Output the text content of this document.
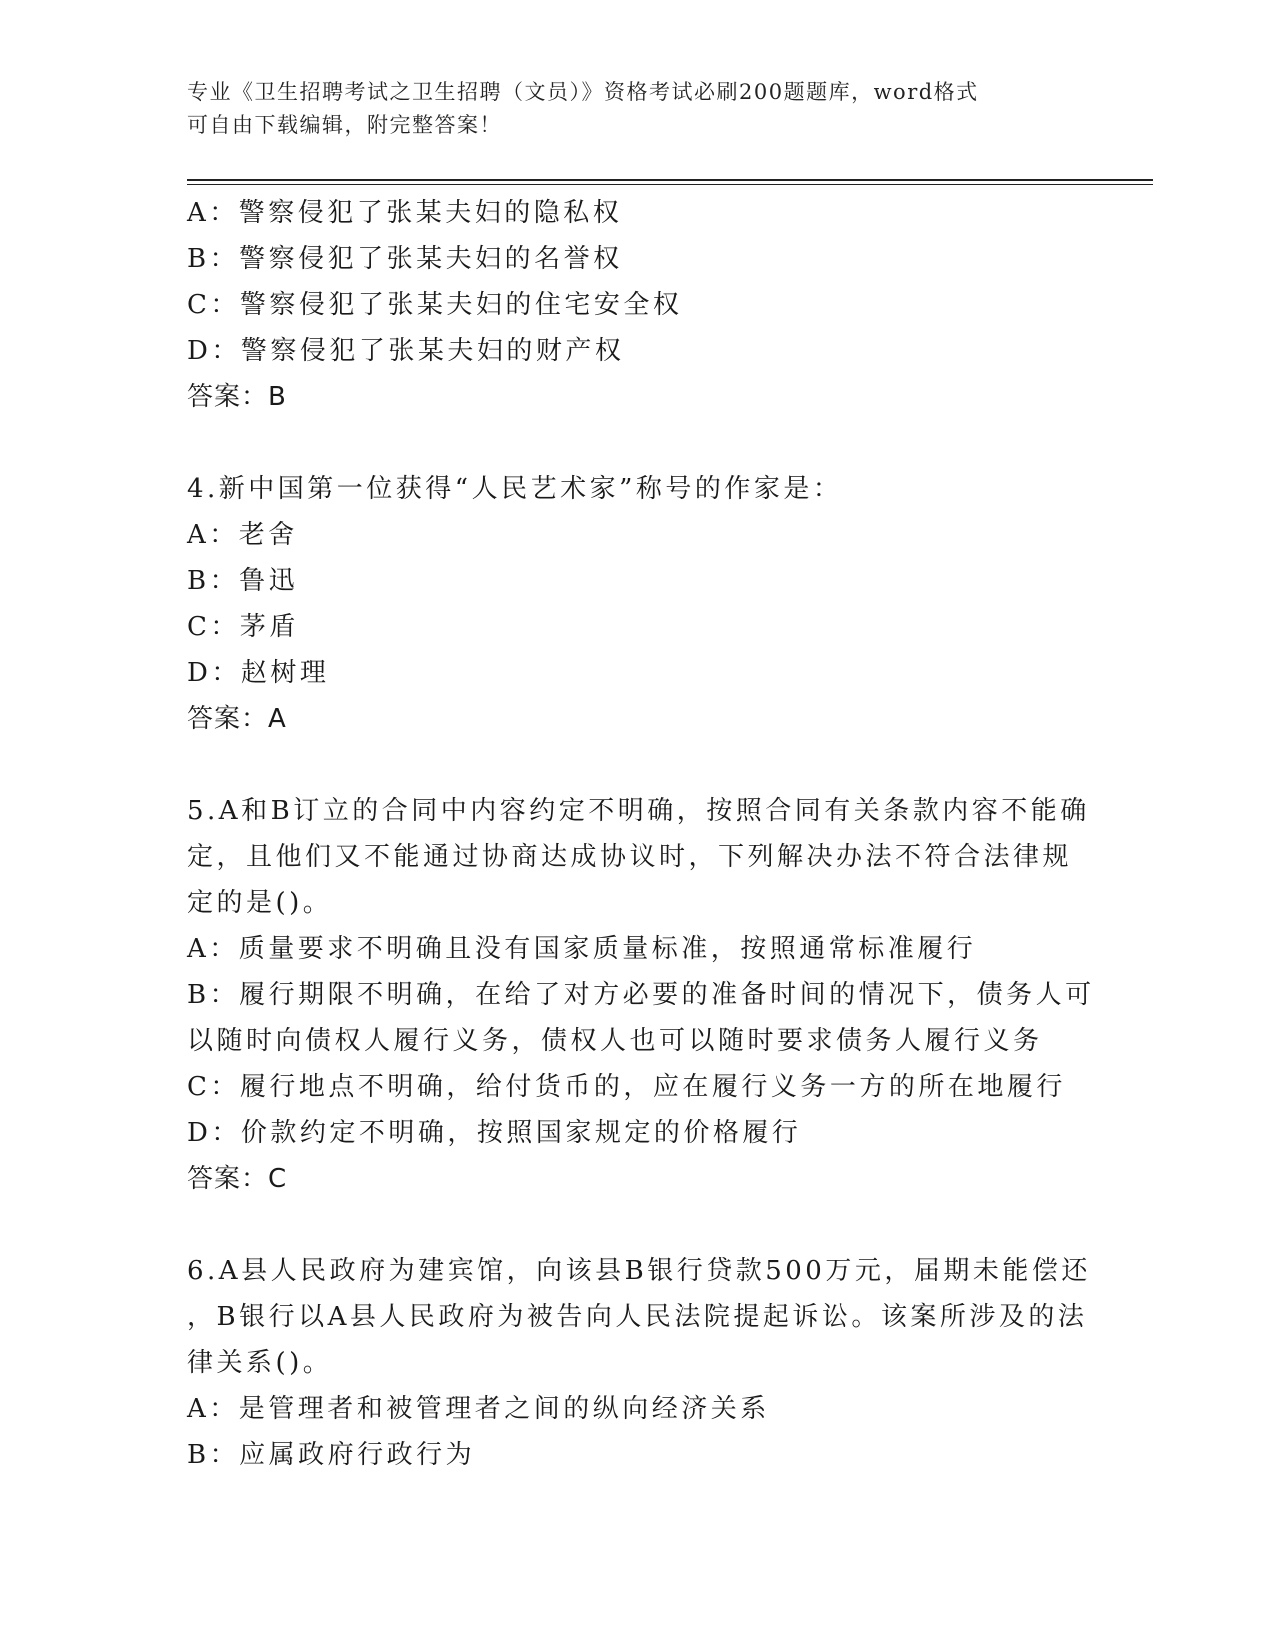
专业《卫生招聘考试之卫生招聘（文员）》资格考试必刷200题题库，word格式
可自由下载编辑，附完整答案！
A：警察侵犯了张某夫妇的隐私权
B：警察侵犯了张某夫妇的名誉权
C：警察侵犯了张某夫妇的住宅安全权
D：警察侵犯了张某夫妇的财产权
答案：B
4.新中国第一位获得“人民艺术家”称号的作家是：
A：老舍
B：鲁迅
C：茅盾
D：赵树理
答案：A
5.A和B订立的合同中内容约定不明确，按照合同有关条款内容不能确
定，且他们又不能通过协商达成协议时，下列解决办法不符合法律规
定的是()。
A：质量要求不明确且没有国家质量标准，按照通常标准履行
B：履行期限不明确，在给了对方必要的准备时间的情况下，债务人可
以随时向债权人履行义务，债权人也可以随时要求债务人履行义务
C：履行地点不明确，给付货币的，应在履行义务一方的所在地履行
D：价款约定不明确，按照国家规定的价格履行
答案：C
6.A县人民政府为建宾馆，向该县B银行贷款500万元，届期未能偿还
，B银行以A县人民政府为被告向人民法院提起诉讼。该案所涉及的法
律关系()。
A：是管理者和被管理者之间的纵向经济关系
B：应属政府行政行为
